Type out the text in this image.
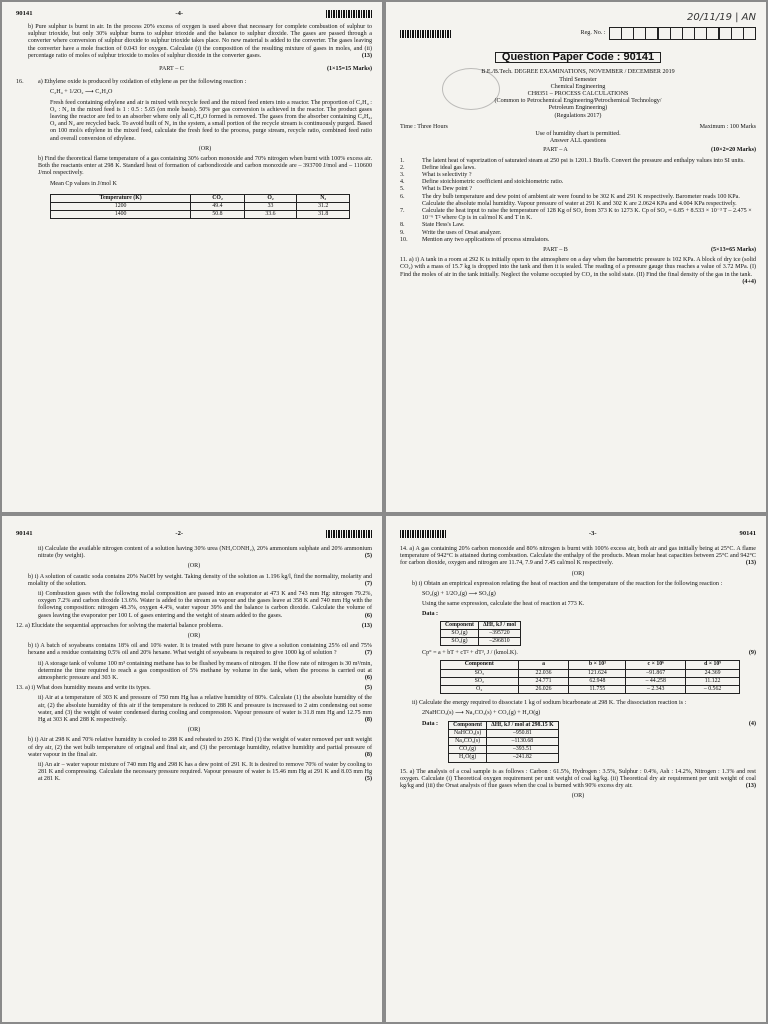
90141	-4-

b) Pure sulphur is burnt in air. In the process 20% excess of oxygen is used above that necessary for complete combustion of sulphur to sulphur trioxide, but only 30% sulphur burns to sulphur trioxide and the balance to sulphur dioxide. The gases are passed through a converter where conversion of sulphur dioxide to sulphur trioxide takes place. No new material is added to the converter. The gases leaving the converter have a mole fraction of 0.043 for oxygen. Calculate (i) the composition of the resulting mixture of gases in moles, and (ii) percentage ratio of moles of sulphur trioxide to moles of sulphur dioxide in the converter gases.	(13)

PART – C	(1×15=15 Marks)
16.	a) Ethylene oxide is produced by oxidation of ethylene as per the following reaction :

C₂H₄ + 1/2O₂ ⟶ C₂H₄O

Fresh feed containing ethylene and air is mixed with recycle feed and the mixed feed enters into a reactor. The proportion of C₂H₄ : O₂ : N₂ in the mixed feed is 1 : 0.5 : 5.65 (on mole basis). 50% per gas conversion is achieved in the reactor. The product gases leaving the reactor are fed to an absorber where only all C₂H₄O formed is removed. The gases from the absorber containing C₂H₄, O₂ and N₂ are recycled back. To avoid built of N₂ in the system, a small portion of the recycle stream is continuously purged. Based on 100 mol/s ethylene in the mixed feed, calculate the fresh feed to the process, purge stream, recycle ratio, combined feed ratio and overall conversion of ethylene.

(OR)

b) Find the theoretical flame temperature of a gas containing 30% carbon monoxide and 70% nitrogen when burnt with 100% excess air. Both the reactants enter at 298 K. Standard heat of formation of carbondioxide and carbon monoxide are – 393700 J/mol and – 110600 J/mol respectively.

Mean Cp values in J/mol K

Temperature (K)	CO₂	O₂	N₂
1200	49.4	33	31.2
1400	50.8	33.6	31.8
20/11/19 | AN
Reg. No. :
Question Paper Code : 90141
B.E./B.Tech. DEGREE EXAMINATIONS, NOVEMBER / DECEMBER 2019
Third Semester
Chemical Engineering
CH8351 – PROCESS CALCULATIONS
(Common to Petrochemical Engineering/Petrochemical Technology/
Petroleum Engineering)
(Regulations 2017)
Time : Three Hours	Maximum : 100 Marks
Use of humidity chart is permitted.
Answer ALL questions
PART – A	(10×2=20 Marks)
1.	The latent heat of vaporization of saturated steam at 250 psi is 1201.1 Btu/lb. Convert the pressure and enthalpy values into SI units.
2.	Define ideal gas laws.
3.	What is selectivity ?
4.	Define stoichiometric coefficient and stoichiometric ratio.
5.	What is Dew point ?
6.	The dry bulb temperature and dew point of ambient air were found to be 302 K and 291 K respectively. Barometer reads 100 KPa. Calculate the absolute molal humidity. Vapour pressure of water at 291 K and 302 K are 2.0624 KPa and 4.004 KPa respectively.
7.	Calculate the heat input to raise the temperature of 128 Kg of SO₂ from 373 K to 1273 K. Cp of SO₂ = 6.85 + 8.533 × 10⁻³ T – 2.475 × 10⁻⁶ T² where Cp is in cal/mol K and T in K.
8.	State Hess's Law.
9.	Write the uses of Orsat analyzer.
10.	Mention any two applications of process simulators.
PART – B	(5×13=65 Marks)

11. a) i) A tank in a room at 292 K is initially open to the atmosphere on a day when the barometric pressure is 102 KPa. A block of dry ice (solid CO₂) with a mass of 15.7 kg is dropped into the tank and then it is sealed. The reading of a pressure gauge thus reaches a value of 3.72 MPa. (I) Find the moles of air in the tank initially. Neglect the volume occupied by CO₂ in the solid state. (II) Find the final density of the gas in the tank.
(4+4)

90141	-2-

ii) Calculate the available nitrogen content of a solution having 30% urea (NH₂CONH₂), 20% ammonium sulphate and 20% ammonium nitrate (by weight).	(5)

(OR)

b) i) A solution of caustic soda contains 20% NaOH by weight. Taking density of the solution as 1.196 kg/l, find the normality, molarity and molality of the solution.	(7)

ii) Combustion gases with the following molal composition are passed into an evaporator at 473 K and 743 mm Hg: nitrogen 79.2%, oxygen 7.2% and carbon dioxide 13.6%. Water is added to the stream as vapour and the gases leave at 358 K and 740 mm Hg with the following composition: nitrogen 48.3%, oxygen 4.4%, water vapour 39% and the balance is carbon dioxide. Calculate the volume of gases leaving the evaporator per 100 L of gases entering and the weight of steam added to the gases.	(6)

12. a) Elucidate the sequential approaches for solving the material balance problems.	(13)

(OR)

b) i) A batch of soyabeans contains 18% oil and 10% water. It is treated with pure hexane to give a solution containing 25% oil and 75% hexane and a residue containing 0.5% oil and 20% hexane. What weight of soyabeans is required to give 1000 kg of solution ?	(7)

ii) A storage tank of volume 100 m³ containing methane has to be flushed by means of nitrogen. If the flow rate of nitrogen is 30 m³/min, determine the time required to reach a gas composition of 5% methane by volume in the tank, when the process is carried out at atmospheric pressure and 303 K.	(6)

13. a) i) What does humidity means and write its types.	(5)

ii) Air at a temperature of 303 K and pressure of 750 mm Hg has a relative humidity of 80%. Calculate (1) the absolute humidity of the air, (2) the absolute humidity of this air if the temperature is reduced to 288 K and pressure is increased to 2 atm condensing out some water, and (3) the weight of water condensed during cooling and compression. Vapour pressure of water is 31.8 mm Hg and 12.75 mm Hg at 303 K and 288 K respectively.	(8)

(OR)

b) i) Air at 298 K and 70% relative humidity is cooled to 288 K and reheated to 293 K. Find (1) the weight of water removed per unit weight of dry air, (2) the wet bulb temperature of original and final air, and (3) the percentage humidity, relative humidity and partial pressure of water vapour in the final air.	(8)

ii) An air – water vapour mixture of 740 mm Hg and 298 K has a dew point of 291 K. It is desired to remove 70% of water by cooling to 281 K and compressing. Calculate the necessary pressure required. Vapour pressure of water is 15.46 mm Hg at 291 K and 8.03 mm Hg at 281 K.	(5)

-3-	90141

14. a) A gas containing 20% carbon monoxide and 80% nitrogen is burnt with 100% excess air, both air and gas initially being at 25°C. A flame temperature of 942°C is attained during combustion. Calculate the enthalpy of the products. Mean molar heat capacities between 25°C and 942°C for carbon dioxide, oxygen and nitrogen are 11.74, 7.9 and 7.45 cal/mol K respectively.	(13)

(OR)

b) i) Obtain an empirical expression relating the heat of reaction and the temperature of the reaction for the following reaction :

SO₂(g) + 1/2O₂(g) ⟶ SO₃(g)

Using the same expression, calculate the heat of reaction at 773 K.

Data :
Component	ΔHf, kJ / mol
SO₂(g)	–395720
SO₃(g)	–296810

Cp° = a + bT + cT² + dT³, J / (kmol.K).	(9)

Component	a	b × 10³	c × 10⁶	d × 10⁹
SO₃	22.036	121.624	–91.867	24.369
SO₂	24.771	62.948	– 44.258	11.122
O₂	26.026	11.755	– 2.343	– 0.562

ii) Calculate the energy required to dissociate 1 kg of sodium bicarbonate at 298 K. The dissociation reaction is :

2NaHCO₃(s) ⟶ Na₂CO₃(s) + CO₂(g) + H₂O(g)

Data :	Component	ΔHf, kJ / mol at 298.15 K
NaHCO₃(s)	–950.81
Na₂CO₃(s)	–1130.68
CO₂(g)	–393.51
H₂O(g)	–241.82
(4)

15. a) The analysis of a coal sample is as follows : Carbon : 61.5%, Hydrogen : 3.5%, Sulphur : 0.4%, Ash : 14.2%, Nitrogen : 1.3% and rest oxygen. Calculate (i) Theoretical oxygen requirement per unit weight of coal kg/kg. (ii) Theoretical dry air requirement per unit weight of coal kg/kg and (iii) the Orsat analysis of flue gases when the coal is burned with 90% excess dry air.	(13)

(OR)
